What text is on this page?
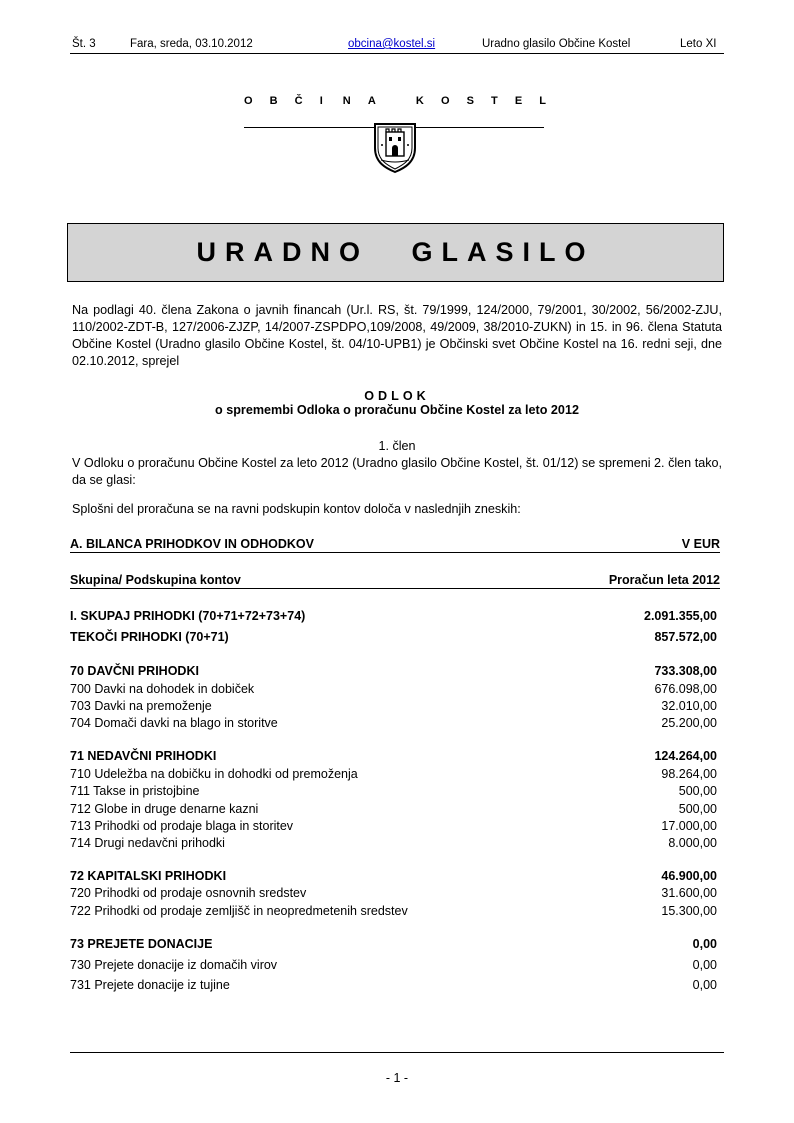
Št. 3	Fara, sreda, 03.10.2012	obcina@kostel.si	Uradno glasilo Občine Kostel	Leto XI
O B Č I N A	K O S T E L
URADNO GLASILO
Na podlagi 40. člena Zakona o javnih financah (Ur.l. RS, št. 79/1999, 124/2000, 79/2001, 30/2002, 56/2002-ZJU, 110/2002-ZDT-B, 127/2006-ZJZP, 14/2007-ZSPDPO,109/2008, 49/2009, 38/2010-ZUKN) in 15. in 96. člena Statuta Občine Kostel (Uradno glasilo Občine Kostel, št. 04/10-UPB1) je Občinski svet Občine Kostel na 16. redni seji, dne 02.10.2012, sprejel
ODLOK
o spremembi Odloka o proračunu Občine Kostel za leto 2012
1. člen
V Odloku o proračunu Občine Kostel za leto 2012 (Uradno glasilo Občine Kostel, št. 01/12) se spremeni 2. člen tako, da se glasi:
Splošni del proračuna se na ravni podskupin kontov določa v naslednjih zneskih:
A. BILANCA PRIHODKOV IN ODHODKOV	V EUR
Skupina/ Podskupina kontov	Proračun leta 2012
I. SKUPAJ PRIHODKI (70+71+72+73+74)	2.091.355,00
TEKOČI PRIHODKI (70+71)	857.572,00
70 DAVČNI PRIHODKI	733.308,00
700 Davki na dohodek in dobiček	676.098,00
703 Davki na premoženje	32.010,00
704 Domači davki na blago in storitve	25.200,00
71 NEDAVČNI PRIHODKI	124.264,00
710 Udeležba na dobičku in dohodki od premoženja	98.264,00
711 Takse in pristojbine	500,00
712 Globe in druge denarne kazni	500,00
713 Prihodki od prodaje blaga in storitev	17.000,00
714 Drugi nedavčni prihodki	8.000,00
72 KAPITALSKI PRIHODKI	46.900,00
720 Prihodki od prodaje osnovnih sredstev	31.600,00
722 Prihodki od prodaje zemljišč in neopredmetenih sredstev	15.300,00
73 PREJETE DONACIJE	0,00
730 Prejete donacije iz domačih virov	0,00
731 Prejete donacije iz tujine	0,00
- 1 -
